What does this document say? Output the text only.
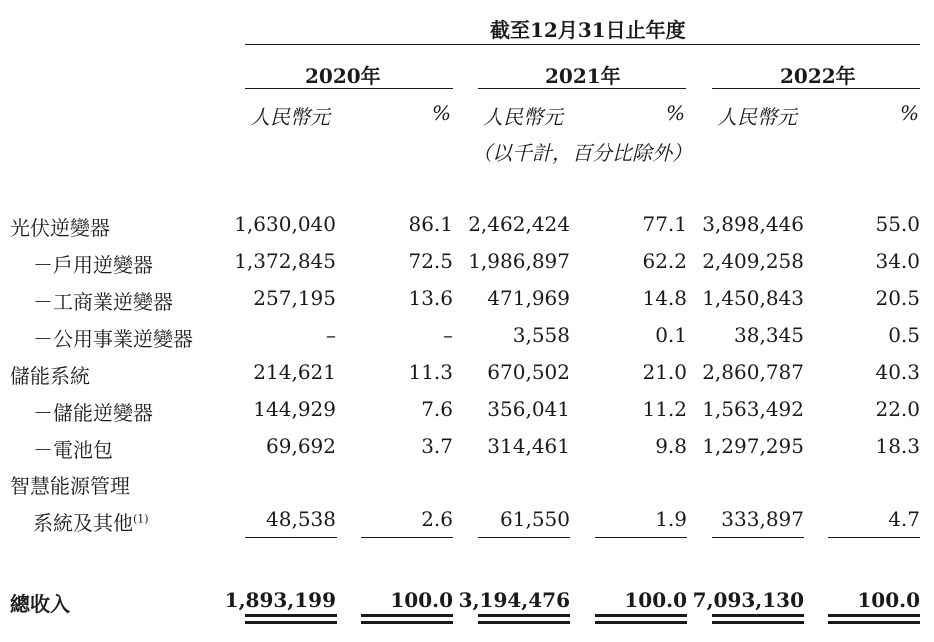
截至12月31日止年度
2020年	2021年	2022年
人民幣元	% 人民幣元	% 人民幣元	%
（以千計，百分比除外）
光伏逆變器	1,630,040	86.1 2,462,424	77.1 3,898,446	55.0
－戶用逆變器	1,372,845	72.5 1,986,897	62.2 2,409,258	34.0
－工商業逆變器	257,195	13.6 471,969	14.8 1,450,843	20.5
－公用事業逆變器	–	–	3,558	0.1 38,345	0.5
儲能系統	214,621	11.3 670,502	21.0 2,860,787	40.3
－儲能逆變器	144,929	7.6 356,041	11.2 1,563,492	22.0
－電池包	69,692	3.7 314,461	9.8 1,297,295	18.3
智慧能源管理
系統及其他$^{(1)}$	48,538	2.6 61,550	1.9 333,897	4.7
總收入	1,893,199	100.0 3,194,476	100.0 7,093,130	100.0
